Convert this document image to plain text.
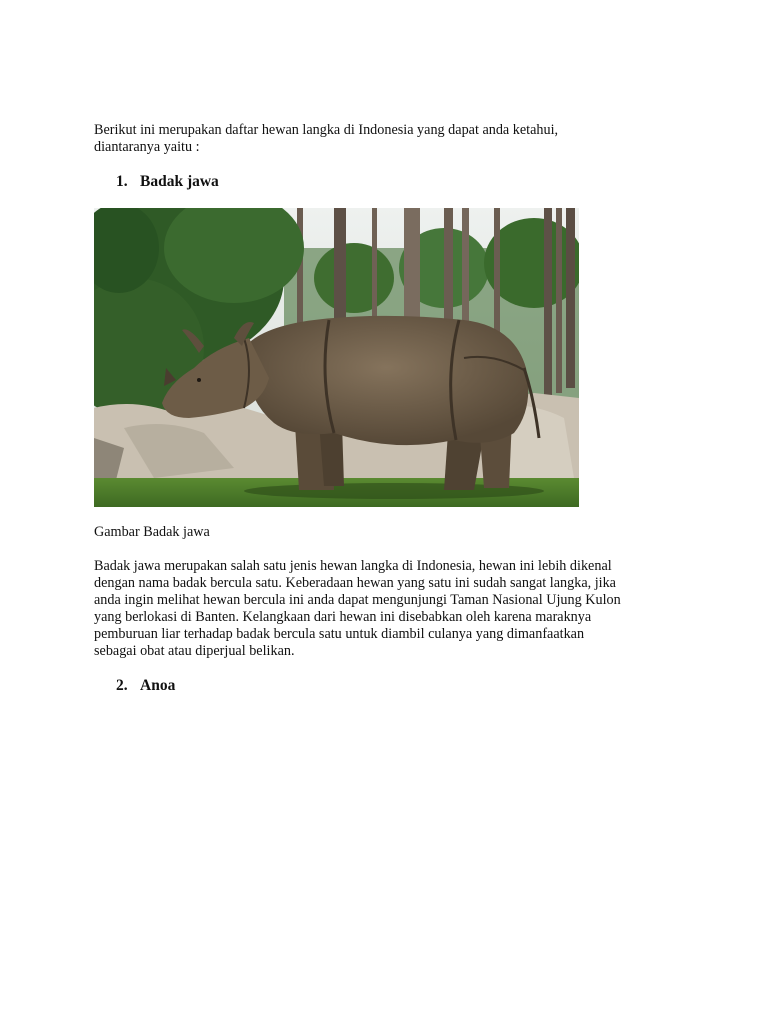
Berikut ini merupakan daftar hewan langka di Indonesia yang dapat anda ketahui,
diantaranya yaitu :

1. Badak jawa

Gambar Badak jawa

Badak jawa merupakan salah satu jenis hewan langka di Indonesia, hewan ini lebih dikenal
dengan nama badak bercula satu. Keberadaan hewan yang satu ini sudah sangat langka, jika
anda ingin melihat hewan bercula ini anda dapat mengunjungi Taman Nasional Ujung Kulon
yang berlokasi di Banten. Kelangkaan dari hewan ini disebabkan oleh karena maraknya
pemburuan liar terhadap badak bercula satu untuk diambil culanya yang dimanfaatkan
sebagai obat atau diperjual belikan.

2. Anoa
